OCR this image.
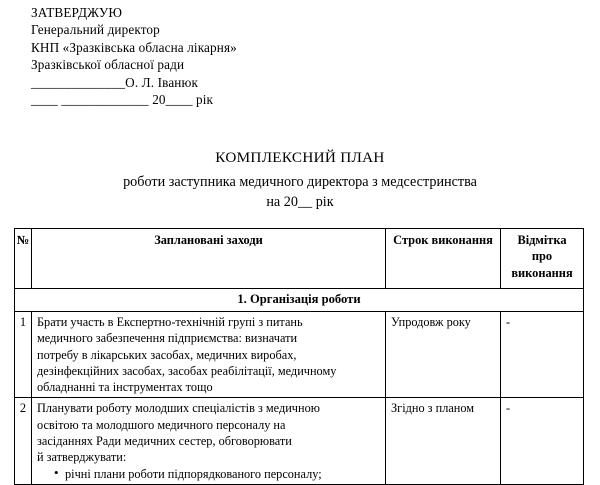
ЗАТВЕРДЖУЮ
Генеральний директор
КНП «Зразківська обласна лікарня»
Зразківської обласної ради
______________О. Л. Іванюк
____ _____________ 20____ рік
КОМПЛЕКСНИЙ ПЛАН
роботи заступника медичного директора з медсестринства
на 20__ рік
№	Заплановані заходи	Строк виконання	Відмітка
про
виконання

1. Організація роботи			
1	Брати участь в Експертно-технічній групі з питань
медичного забезпечення підприємства: визначати
потребу в лікарських засобах, медичних виробах,
дезінфекційних засобах, засобах реабілітації, медичному
обладнанні та інструментах тощо	Упродовж року	-
2	Планувати роботу молодших спеціалістів з медичною
освітою та молодшого медичного персоналу на
засіданнях Ради медичних сестер, обговорювати
й затверджувати:
• річні плани роботи підпорядкованого персоналу;
	Згідно з планом	-
